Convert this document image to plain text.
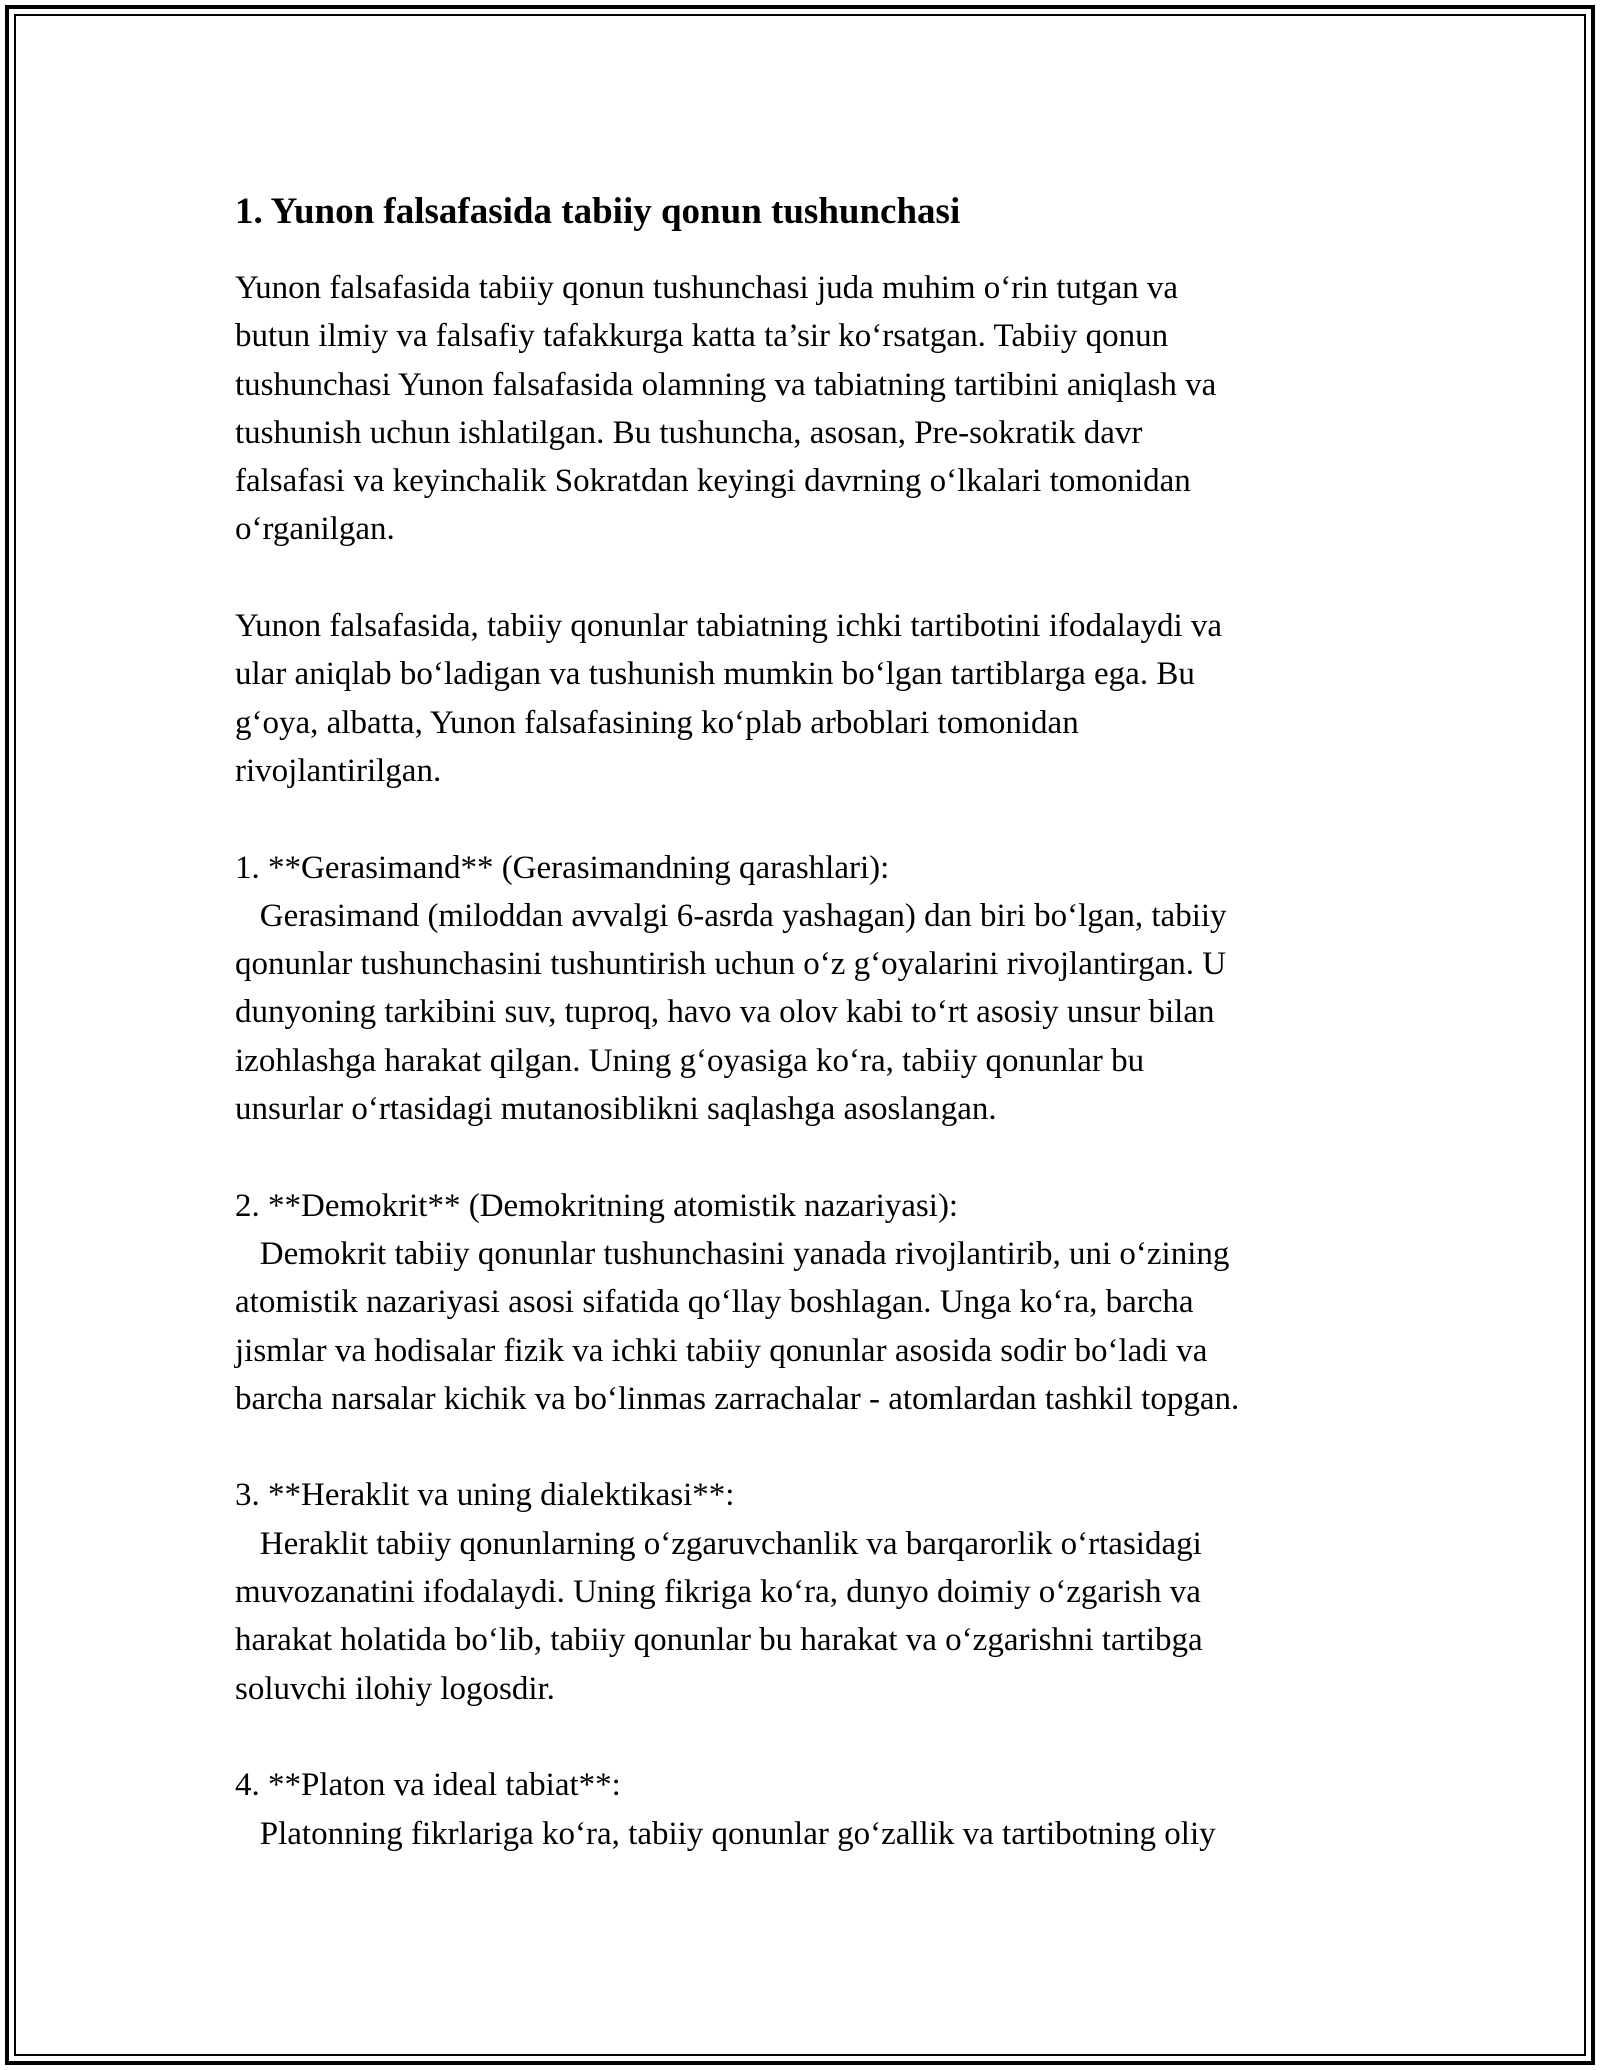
1. Yunon falsafasida tabiiy qonun tushunchasi

Yunon falsafasida tabiiy qonun tushunchasi juda muhim o‘rin tutgan va
butun ilmiy va falsafiy tafakkurga katta ta’sir ko‘rsatgan. Tabiiy qonun
tushunchasi Yunon falsafasida olamning va tabiatning tartibini aniqlash va
tushunish uchun ishlatilgan. Bu tushuncha, asosan, Pre-sokratik davr
falsafasi va keyinchalik Sokratdan keyingi davrning o‘lkalari tomonidan
o‘rganilgan.

Yunon falsafasida, tabiiy qonunlar tabiatning ichki tartibotini ifodalaydi va
ular aniqlab bo‘ladigan va tushunish mumkin bo‘lgan tartiblarga ega. Bu
g‘oya, albatta, Yunon falsafasining ko‘plab arboblari tomonidan
rivojlantirilgan.

1. **Gerasimand** (Gerasimandning qarashlari):
Gerasimand (miloddan avvalgi 6-asrda yashagan) dan biri bo‘lgan, tabiiy
qonunlar tushunchasini tushuntirish uchun o‘z g‘oyalarini rivojlantirgan. U
dunyoning tarkibini suv, tuproq, havo va olov kabi to‘rt asosiy unsur bilan
izohlashga harakat qilgan. Uning g‘oyasiga ko‘ra, tabiiy qonunlar bu
unsurlar o‘rtasidagi mutanosiblikni saqlashga asoslangan.

2. **Demokrit** (Demokritning atomistik nazariyasi):
Demokrit tabiiy qonunlar tushunchasini yanada rivojlantirib, uni o‘zining
atomistik nazariyasi asosi sifatida qo‘llay boshlagan. Unga ko‘ra, barcha
jismlar va hodisalar fizik va ichki tabiiy qonunlar asosida sodir bo‘ladi va
barcha narsalar kichik va bo‘linmas zarrachalar - atomlardan tashkil topgan.

3. **Heraklit va uning dialektikasi**:
Heraklit tabiiy qonunlarning o‘zgaruvchanlik va barqarorlik o‘rtasidagi
muvozanatini ifodalaydi. Uning fikriga ko‘ra, dunyo doimiy o‘zgarish va
harakat holatida bo‘lib, tabiiy qonunlar bu harakat va o‘zgarishni tartibga
soluvchi ilohiy logosdir.

4. **Platon va ideal tabiat**:
Platonning fikrlariga ko‘ra, tabiiy qonunlar go‘zallik va tartibotning oliy
